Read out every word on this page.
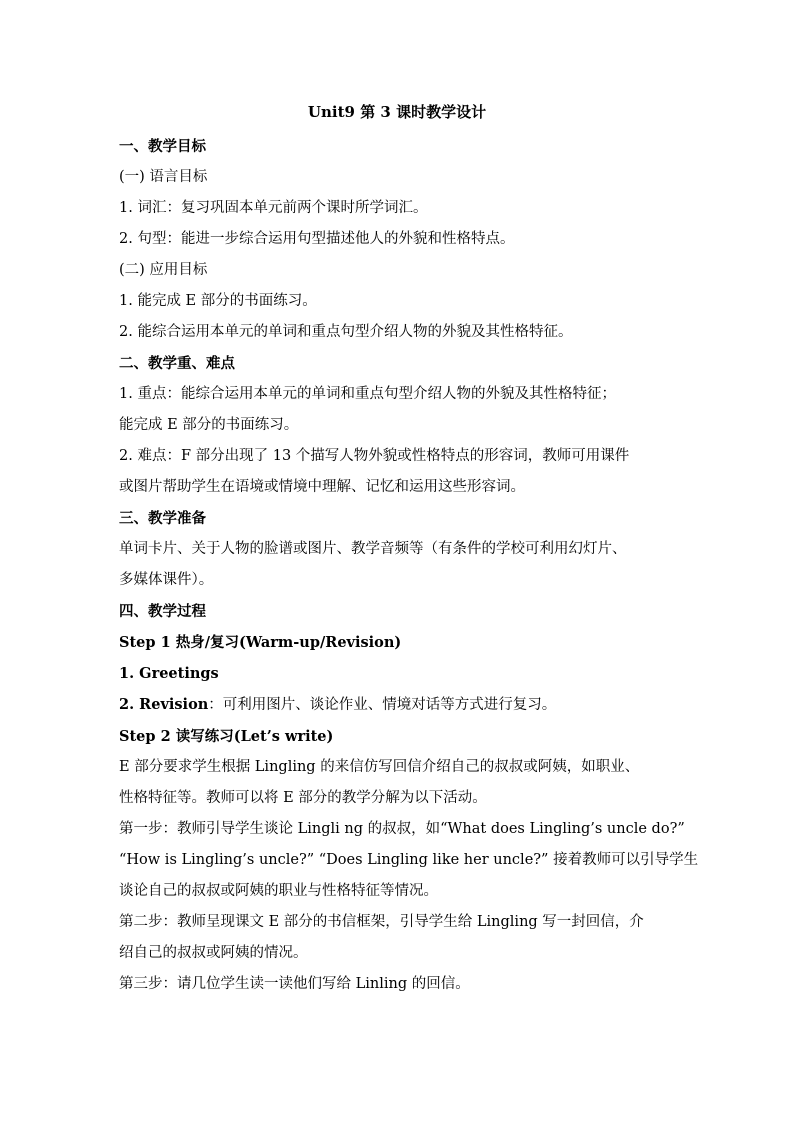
Unit9 第 3 课时教学设计

一、教学目标

(一) 语言目标

1. 词汇：复习巩固本单元前两个课时所学词汇。

2. 句型：能进一步综合运用句型描述他人的外貌和性格特点。

(二) 应用目标

1. 能完成 E 部分的书面练习。

2. 能综合运用本单元的单词和重点句型介绍人物的外貌及其性格特征。

二、教学重、难点

1. 重点：能综合运用本单元的单词和重点句型介绍人物的外貌及其性格特征；

能完成 E 部分的书面练习。

2. 难点：F 部分出现了 13 个描写人物外貌或性格特点的形容词，教师可用课件

或图片帮助学生在语境或情境中理解、记忆和运用这些形容词。

三、教学准备

单词卡片、关于人物的脸谱或图片、教学音频等（有条件的学校可利用幻灯片、

多媒体课件）。

四、教学过程

Step 1 热身/复习(Warm-up/Revision)

1. Greetings

2. Revision：可利用图片、谈论作业、情境对话等方式进行复习。

Step 2 读写练习(Let’s write)

E 部分要求学生根据 Lingling 的来信仿写回信介绍自己的叔叔或阿姨，如职业、

性格特征等。教师可以将 E 部分的教学分解为以下活动。

第一步：教师引导学生谈论 Lingli ng 的叔叔，如“What does Lingling’s uncle do?”

“How is Lingling’s uncle?” “Does Lingling like her uncle?” 接着教师可以引导学生

谈论自己的叔叔或阿姨的职业与性格特征等情况。

第二步：教师呈现课文 E 部分的书信框架，引导学生给 Lingling 写一封回信，介

绍自己的叔叔或阿姨的情况。

第三步：请几位学生读一读他们写给 Linling 的回信。
